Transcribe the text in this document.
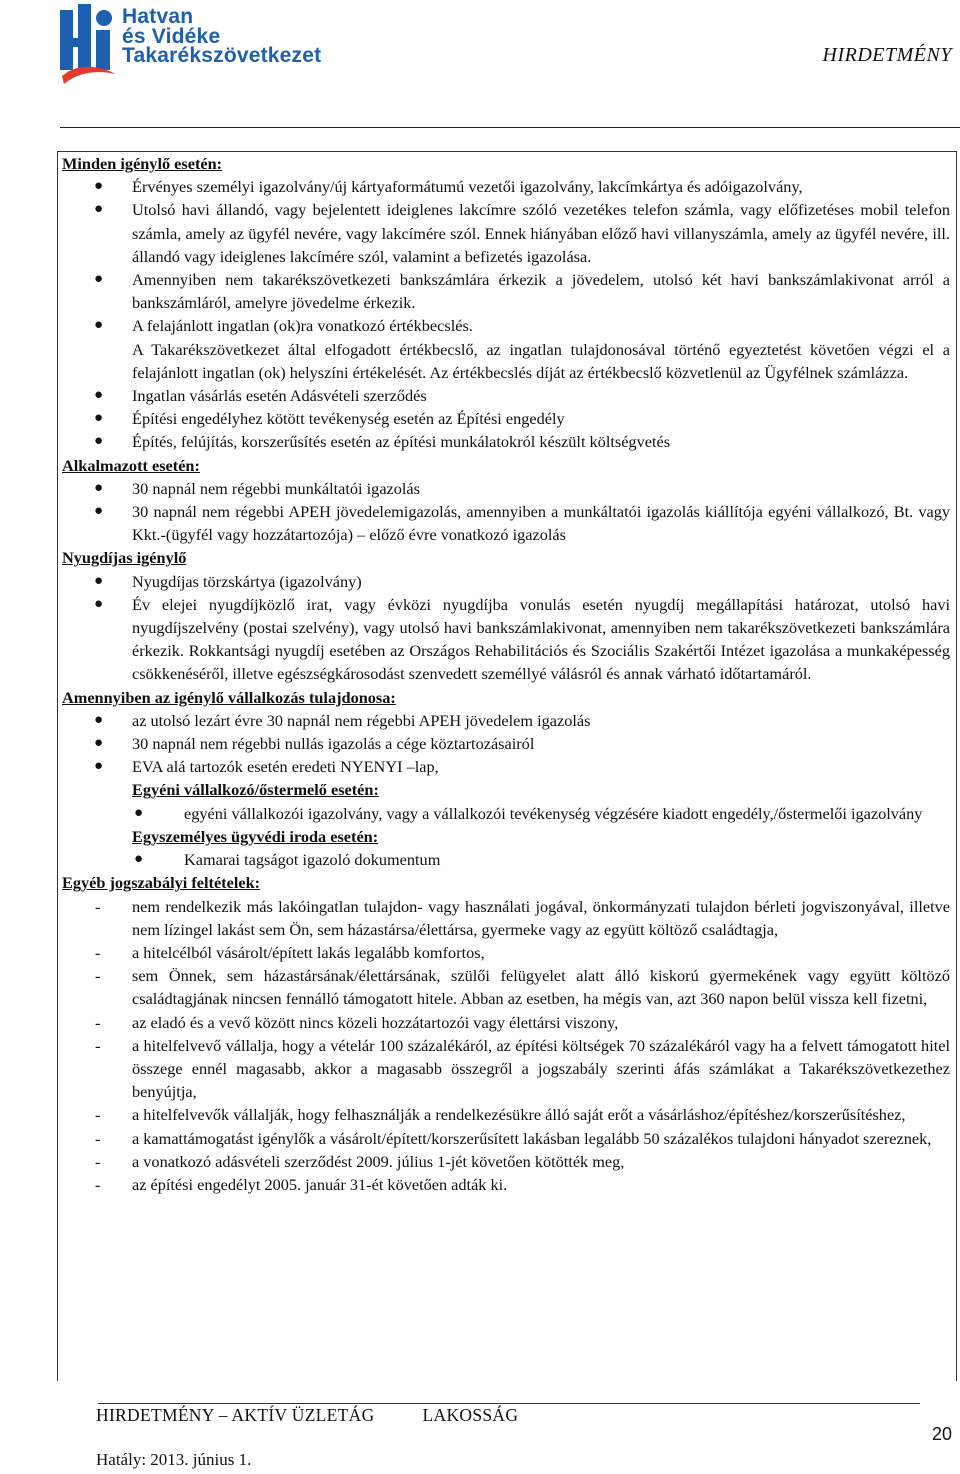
Hatvan
és Vidéke
Takarékszövetkezet	HIRDETMÉNY
Minden igénylő esetén:
● Érvényes személyi igazolvány/új kártyaformátumú vezetői igazolvány, lakcímkártya és adóigazolvány,
● Utolsó havi állandó, vagy bejelentett ideiglenes lakcímre szóló vezetékes telefon számla, vagy előfizetéses mobil telefon számla, amely az ügyfél nevére, vagy lakcímére szól. Ennek hiányában előző havi villanyszámla, amely az ügyfél nevére, ill. állandó vagy ideiglenes lakcímére szól, valamint a befizetés igazolása.
● Amennyiben nem takarékszövetkezeti bankszámlára érkezik a jövedelem, utolsó két havi bankszámlakivonat arról a bankszámláról, amelyre jövedelme érkezik.
● A felajánlott ingatlan (ok)ra vonatkozó értékbecslés.
A Takarékszövetkezet által elfogadott értékbecslő, az ingatlan tulajdonosával történő egyeztetést követően végzi el a felajánlott ingatlan (ok) helyszíni értékelését. Az értékbecslés díját az értékbecslő közvetlenül az Ügyfélnek számlázza.
● Ingatlan vásárlás esetén Adásvételi szerződés
● Építési engedélyhez kötött tevékenység esetén az Építési engedély
● Építés, felújítás, korszerűsítés esetén az építési munkálatokról készült költségvetés
Alkalmazott esetén:
● 30 napnál nem régebbi munkáltatói igazolás
● 30 napnál nem régebbi APEH jövedelemigazolás, amennyiben a munkáltatói igazolás kiállítója egyéni vállalkozó, Bt. vagy Kkt.-(ügyfél vagy hozzátartozója) – előző évre vonatkozó igazolás
Nyugdíjas igénylő
● Nyugdíjas törzskártya (igazolvány)
● Év elejei nyugdíjközlő irat, vagy évközi nyugdíjba vonulás esetén nyugdíj megállapítási határozat, utolsó havi nyugdíjszelvény (postai szelvény), vagy utolsó havi bankszámlakivonat, amennyiben nem takarékszövetkezeti bankszámlára érkezik. Rokkantsági nyugdíj esetében az Országos Rehabilitációs és Szociális Szakértői Intézet igazolása a munkaképesség csökkenéséről, illetve egészségkárosodást szenvedett személlyé válásról és annak várható időtartamáról.
Amennyiben az igénylő vállalkozás tulajdonosa:
● az utolsó lezárt évre 30 napnál nem régebbi APEH jövedelem igazolás
● 30 napnál nem régebbi nullás igazolás a cége köztartozásairól
● EVA alá tartozók esetén eredeti NYENYI –lap,
Egyéni vállalkozó/őstermelő esetén:
●	egyéni vállalkozói igazolvány, vagy a vállalkozói tevékenység végzésére kiadott engedély,/őstermelői igazolvány
Egyszemélyes ügyvédi iroda esetén:
●	Kamarai tagságot igazoló dokumentum
Egyéb jogszabályi feltételek:
- nem rendelkezik más lakóingatlan tulajdon- vagy használati jogával, önkormányzati tulajdon bérleti jogviszonyával, illetve nem lízingel lakást sem Ön, sem házastársa/élettársa, gyermeke vagy az együtt költöző családtagja,
- a hitelcélból vásárolt/épített lakás legalább komfortos,
- sem Önnek, sem házastársának/élettársának, szülői felügyelet alatt álló kiskorú gyermekének vagy együtt költöző családtagjának nincsen fennálló támogatott hitele. Abban az esetben, ha mégis van, azt 360 napon belül vissza kell fizetni,
- az eladó és a vevő között nincs közeli hozzátartozói vagy élettársi viszony,
- a hitelfelvevő vállalja, hogy a vételár 100 százalékáról, az építési költségek 70 százalékáról vagy ha a felvett támogatott hitel összege ennél magasabb, akkor a magasabb összegről a jogszabály szerinti áfás számlákat a Takarékszövetkezethez benyújtja,
- a hitelfelvevők vállalják, hogy felhasználják a rendelkezésükre álló saját erőt a vásárláshoz/építéshez/korszerűsítéshez,
- a kamattámogatást igénylők a vásárolt/épített/korszerűsített lakásban legalább 50 százalékos tulajdoni hányadot szereznek,
- a vonatkozó adásvételi szerződést 2009. július 1-jét követően kötötték meg,
- az építési engedélyt 2005. január 31-ét követően adták ki.
HIRDETMÉNY – AKTÍV ÜZLETÁG	LAKOSSÁG
Hatály: 2013. június 1.
20
